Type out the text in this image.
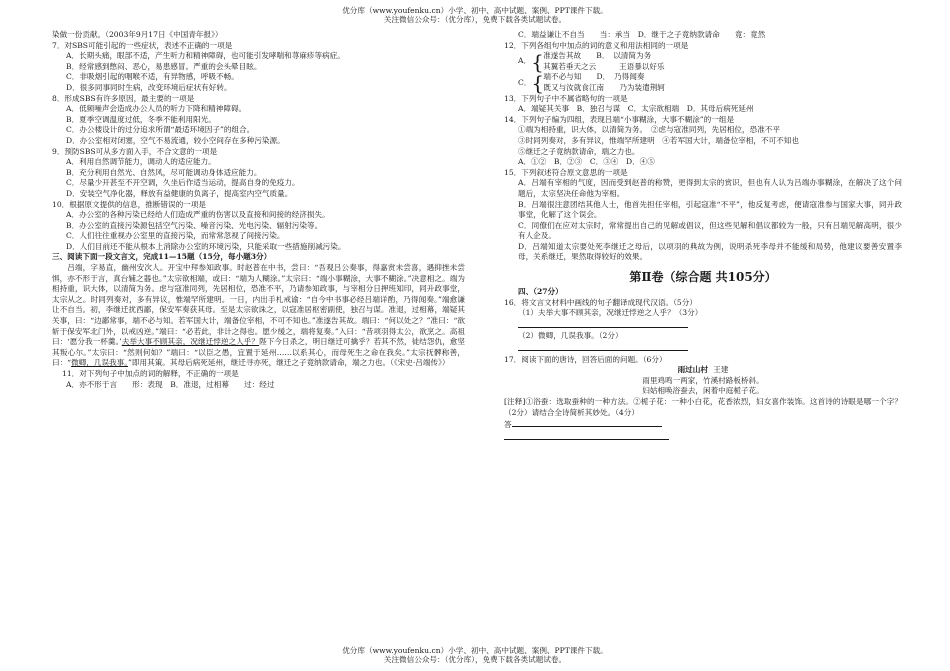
优分库（www.youfenku.cn）小学、初中、高中试题、案例、PPT课件下载。
关注微信公众号：（优分库），免费下载各类试题试卷。

染做一份贡献。（2003年9月17日《中国青年报》）

7．对SBS可能引起的一些症状，表述不正确的一项是

A．长期头痛，眼部不适，产生听力和精神障碍，也可能引发哮喘和荨麻疹等病症。

B．经常感到憋闷、恶心，易患感冒。严重的会头晕目眩。

C．非吸烟引起的咽喉不适，有异物感，呼吸不畅。

D．很多同事同时生病，改变环境后症状有好转。

8．形成SBS有许多原因，最主要的一项是

A．低频噪声会造成办公人员的听力下降和精神障碍。

B．夏季空调温度过低，冬季不能利用阳光。

C．办公楼设计的过分追求所谓“最适环境因子”的组合。

D．办公室相对闭塞，空气不易流通，较小空间存在多种污染源。

9．预防SBS可从多方面入手，不合文意的一项是

A．利用自然调节能力，调动人的适应能力。

B．充分利用自然光、自然风，尽可能调动身体适应能力。

C．尽量少开甚至不开空调，久坐后作适当运动，提高自身的免疫力。

D．安装空气净化器，释放有益健康的负离子，提高室内空气质量。

10．根据原文提供的信息，推断错误的一项是

A．办公室的各种污染已经给人们造成严重的伤害以及直接和间接的经济损失。

B．办公室的直接污染源包括空气污染、噪音污染、光电污染、辐射污染等。

C．人们往往重视办公室里的直接污染，而常常忽视了间接污染。

D．人们目前还不能从根本上消除办公室的环境污染，只能采取一些措施削减污染。

三、阅读下面一段文言文，完成11—15题（15分，每小题3分）

吕端，字易直，幽州安次人。开宝中拜参知政事。时赵普在中书，尝曰：“吾观吕公奏事，得嘉赏未尝喜，遇抑挫未尝惧，亦不形于言，真台辅之器也。”太宗欲相端，或曰：“端为人糊涂。”太宗曰：“端小事糊涂，大事不糊涂。”决意相之。端为相持重，识大体，以清简为务。虑与寇准同列，先居相位，恐准不平，乃请参知政事，与宰相分日押班知印，同升政事堂，太宗从之。时同列奏对，多有异议，惟端罕所建明。一日，内出手札戒谕：“自今中书事必经吕端详酌，乃得闻奏。”端愈谦让不自当。初，李继迁扰西鄙，保安军奏获其母。至是太宗欲诛之，以寇准居枢密副使，独召与谋。准退，过相幕，端疑其关事，曰：“边鄙常事，端不必与知。若军国大计，端备位宰相，不可不知也。”准遂告其故。端曰：“何以处之？”准曰：“欲斩于保安军北门外，以戒凶逆。”端曰：“必若此，非计之得也。愿少缓之，端将复奏。”入曰：“昔项羽得太公，欲烹之。高祖曰：‘愿分我一杯羹。’夫举大事不顾其亲，况继迁悖逆之人乎？陛下今日杀之，明日继迁可擒乎？若其不然，徒结怨仇，愈坚其叛心尔。”太宗曰：“然则何如？”端曰：“以臣之愚，宜置于延州……以系其心，而母死生之命在我矣。”太宗抚髀称善，曰：“微卿，几误我事。”即用其策。其母后病死延州，继迁寻亦死，继迁之子竟纳款请命，端之力也。（《宋史·吕端传》）

11．对下列句子中加点的词的解释，不正确的一项是

A．亦不形于言　　形：表现　B．准退，过相幕　　过：经过

C．端益谦让不自当　　当：承当　D．继于之子竟纳款请命　　竟：竟然

12．下列各组句中加点的词的意义和用法相同的一项是

A． { 准遂告其故　　B．　以清简为务

其翼若垂天之云　　　王语暴以好乐

C． { 端不必与知　　D．　乃得闻奏

既又与汝就食江南　　乃为装遣荆轲

13．下列句子中不属省略句的一项是

A．端疑其关事　B．独召与谋　C．太宗欲相端　D．其母后病死延州

14．下列句子编为四组，表现吕端“小事糊涂，大事不糊涂”的一组是

①端为相持重，识大体，以清简为务。　②虑与寇准同列，先居相位，恐准不平

③时同列奏对，多有异议，惟端罕所建明　④若军国大计，端备位宰相，不可不知也

⑤继迁之子竟纳款请命，端之力也。

A．①②　B．②③　C．③④　D．④⑤

15．下列叙述符合原文意思的一项是

A．吕端有宰相的气度，因而受到赵普的称赞，更得到太宗的赏识，但也有人认为吕端办事糊涂，在解决了这个问题后，太宗坚决任命他为宰相。

B．吕端很注意团结其他人士，他首先担任宰相，引起寇准“不平”，他反复考虑，便请寇准参与国家大事，同升政事堂，化解了这个误会。

C．同僚们在应对太宗时，常常提出自己的见解或倡议，但这些见解和倡议都较为一般，只有吕端见解高明，很少有人企及。

D．吕端知道太宗要处死李继迁之母后，以项羽的典故为例，说明杀死李母并不能缓和局势，他建议要善安置李母，关系继迁，果然取得较好的效果。

第Ⅱ卷（综合题 共105分）

四、（27分）

16．将文言文材料中画线的句子翻译成现代汉语。（5分）

（1）夫举大事不顾其亲，况继迁悖逆之人乎？（3分）

（2）微卿，几误我事。（2分）

17．阅读下面的唐诗，回答后面的问题。（6分）

雨过山村 王建

雨里鸡鸣一两家，竹溪村路板桥斜。

妇姑相唤浴蚕去，闲着中庭栀子花。

[注释]①浴蚕：选取蚕种的一种方法。②栀子花：一种小白花，花香浓烈，妇女喜作装饰。这首诗的诗眼是哪一个字？（2分）请结合全诗简析其妙处。（4分）

答

优分库（www.youfenku.cn）小学、初中、高中试题、案例、PPT课件下载。
关注微信公众号：（优分库），免费下载各类试题试卷。
